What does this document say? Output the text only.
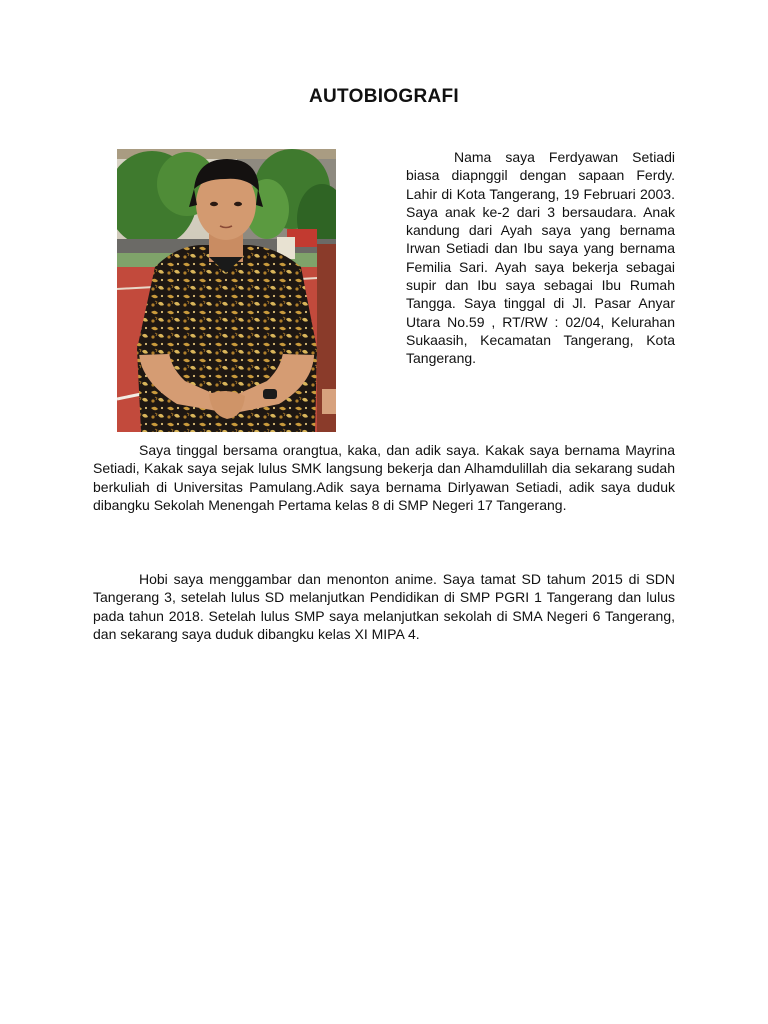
AUTOBIOGRAFI

Nama saya Ferdyawan Setiadi biasa diapnggil dengan sapaan Ferdy. Lahir di Kota Tangerang, 19 Februari 2003. Saya anak ke-2 dari 3 bersaudara. Anak kandung dari Ayah saya yang bernama Irwan Setiadi dan Ibu saya yang bernama Femilia Sari. Ayah saya bekerja sebagai supir dan Ibu saya sebagai Ibu Rumah Tangga. Saya tinggal di Jl. Pasar Anyar Utara No.59 , RT/RW : 02/04, Kelurahan Sukaasih, Kecamatan Tangerang, Kota Tangerang.

Saya tinggal bersama orangtua, kaka, dan adik saya. Kakak saya bernama Mayrina Setiadi, Kakak saya sejak lulus SMK langsung bekerja dan Alhamdulillah dia sekarang sudah berkuliah di Universitas Pamulang.Adik saya bernama Dirlyawan Setiadi, adik saya duduk dibangku Sekolah Menengah Pertama kelas 8 di SMP Negeri 17 Tangerang.

Hobi saya menggambar dan menonton anime. Saya tamat SD tahum 2015 di SDN Tangerang 3, setelah lulus SD melanjutkan Pendidikan di SMP PGRI 1 Tangerang dan lulus pada tahun 2018. Setelah lulus SMP saya melanjutkan sekolah di SMA Negeri 6 Tangerang, dan sekarang saya duduk dibangku kelas XI MIPA 4.
